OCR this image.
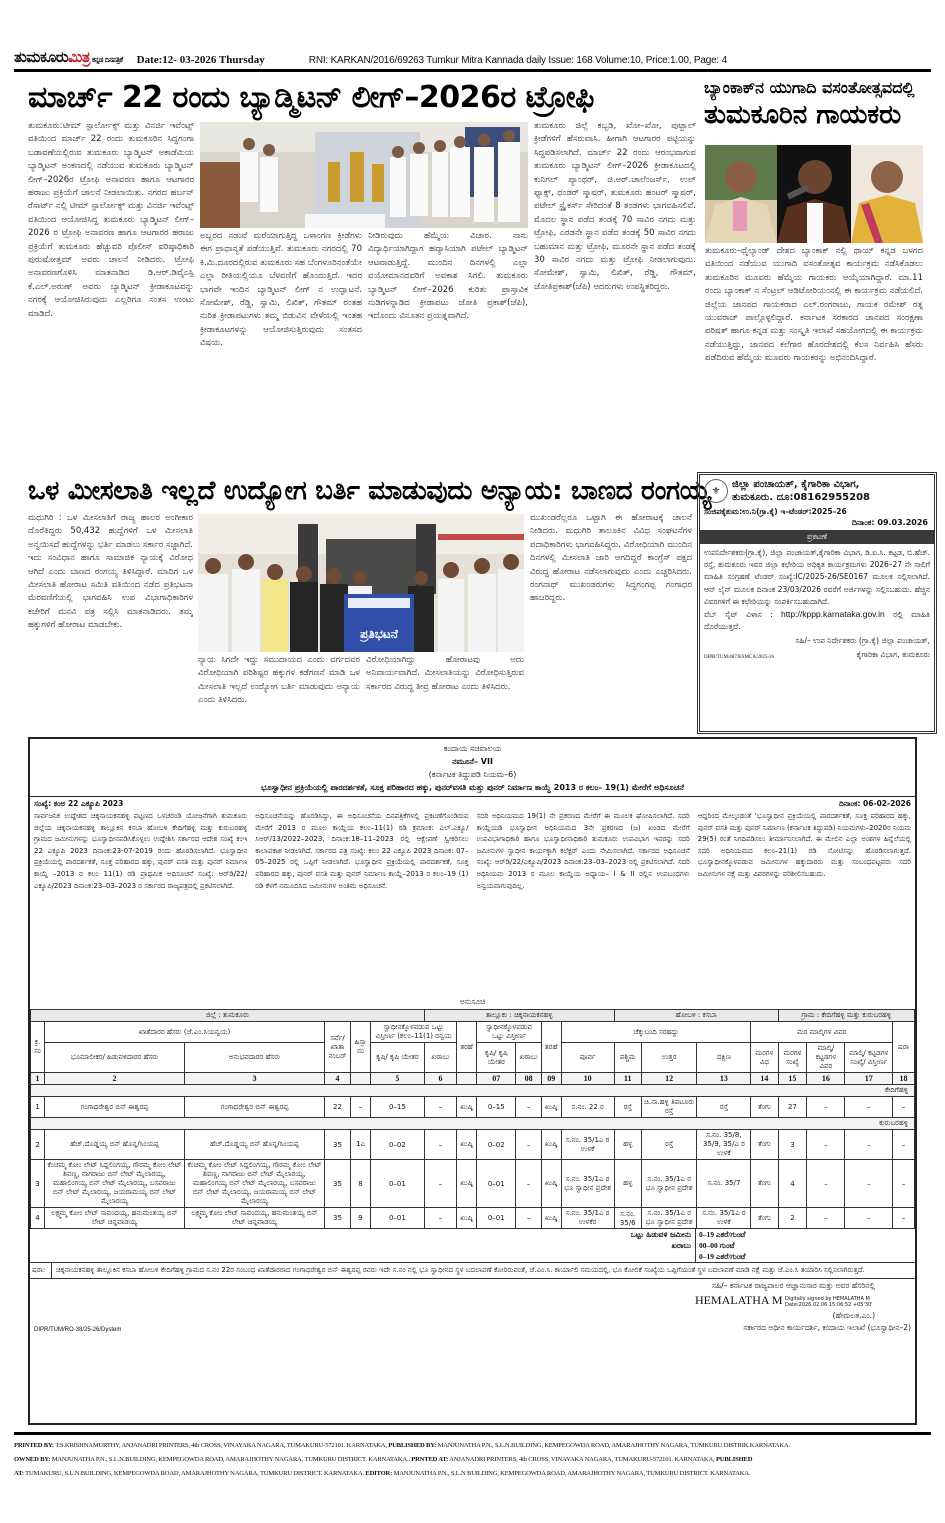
ತುಮಕೂರುಮಿತ್ರ ಕನ್ನಡ ದಿನಪತ್ರಿಕೆ Date:12- 03-2026 Thursday	RNI: KARKAN/2016/69263 Tumkur Mitra Kannada daily Issue: 168 Volume:10, Price:1.00, Page: 4
ಮಾರ್ಚ್ 22 ರಂದು ಬ್ಯಾಡ್ಮಿಟನ್ ಲೀಗ್–2026ರ ಟ್ರೋಫಿ
ತುಮಕೂರು:ಟೀಮ್ ಸ್ಪಾರ್ಲೋಕ್ಸ್ ಮತ್ತು ವಿನರ್ಜಿ ಇವೆಂಟ್ಸ್ ವತಿಯಿಂದ ಮಾರ್ಚ್ 22 ರಂದು ತುಮಕೂರಿನ ಸಿದ್ಧಗಂಗಾ ಬಡಾವಣೆಯಲ್ಲಿರುವ ತುಮಕೂರು ಬ್ಯಾಡ್ಮಿಟನ್ ಅಕಾಡೆಮಿಯ ಬ್ಯಾಡ್ಮಿಟನ್ ಅಂಕಣದಲ್ಲಿ ನಡೆಯುವ ತುಮಕೂರು ಬ್ಯಾಡ್ಮಿಟನ್ ಲೀಗ್–2026ರ ಟ್ರೋಫಿ ಅನಾವರಣ ಹಾಗೂ ಆಟಗಾರರ ಹರಾಜು ಪ್ರಕ್ರಿಯೆಗೆ ಚಾಲನೆ ನೀಡಲಾಯಿತು. ನಗರದ ಹರ್ಬನ್ ರೆಸಾರ್ಟ್ ನಲ್ಲಿ ಟೀಮ್ ಸ್ಪಾರ್ಲೋಕ್ಸ್ ಮತ್ತು ವಿನರ್ಜಿ ಇವೆಂಟ್ಸ್ ವತಿಯಿಂದ ಆಯೋಜಿಸಿದ್ದ ತುಮಕೂರು ಬ್ಯಾಡ್ಮಿಟನ್ ಲೀಗ್–2026 ರ ಟ್ರೋಫಿ ಅನಾವರಣ ಹಾಗೂ ಆಟಗಾರರ ಹರಾಜು ಪ್ರಕ್ರಿಯೆಗೆ ತುಮಕೂರು ಹೆಚ್ಚುವರಿ ಪೊಲೀಸ್ ವರಿಷ್ಠಾಧಿಕಾರಿ ಪುರುಷೋತ್ತಮ್ ಅವರು ಚಾಲನೆ ನೀಡಿದರು. ಟ್ರೋಫಿ ಅನಾವರಣಗೊಳಿಸಿ ಮಾತನಾಡಿದ ಡಿ.ಆರ್.ಡಿವೈಎಸ್ಪಿ ಕೆ.ಎಲ್.ಅರುಣ್ ಅವರು ಬ್ಯಾಡ್ಮಿಟನ್ ಕ್ರೀಡಾಕೂಟವನ್ನು ನಗರಕ್ಕೆ ಆಯೋಜಿಸಿರುವುದು ಎಲ್ಲರಿಗೂ ಸಂತಸ ಉಂಟು ಮಾಡಿದೆ.
ಅಬ್ಬರದ ನಡುವೆ ಮರೆಯಾಗುತ್ತಿದ್ದ ಒಳಾಂಗಣ ಕ್ರೀಡೆಗಳು ಈಗ ಪ್ರಾಧಾನ್ಯತೆ ಪಡೆಯುತ್ತಿವೆ. ತುಮಕೂರು ನಗರದಲ್ಲಿ 70 ಕಿ.ಮಿ.ದೂರದಲ್ಲಿರುವ ತುಮಕೂರು ಸಹ ಬೆಂಗಳೂರಿನಂತೆಯೇ ಎಲ್ಲಾ ರೀತಿಯಲ್ಲಿಯೂ ಬೆಳವಣಿಗೆ ಹೊಂದುತ್ತಿದೆ. ಇದರ ಭಾಗವೇ ಇಂದಿನ ಬ್ಯಾಡ್ಮಿಟನ್ ಲೀಗ್ ನ ಉದ್ಘಾಟನೆ. ಸೋಮೇಶ್, ರೆಡ್ಡಿ, ಸ್ವಾಮಿ, ಲಿಖಿತ್, ಗೌತಮ್ ರಂತಹ ನುರಿತ ಕ್ರೀಡಾಪಟುಗಳು ತಮ್ಮ ಬಿಡುವಿನ ವೇಳೆಯಲ್ಲಿ ಇಂತಹ ಕ್ರೀಡಾಕೂಟಗಳನ್ನು ಆಯೋಜಿಸುತ್ತಿರುವುದು ಸಂತಸದ ವಿಷಯ.
ನೀಡಿರುವುದು ಹೆಮ್ಮೆಯ ವಿಚಾರ. ನಾನು ವಿದ್ಯಾರ್ಥಿಯಾಗಿದ್ದಾಗ ಹವ್ಯಾಸಿಯಾಗಿ ಪಟೇಲ್ ಬ್ಯಾಡ್ಮಿಟನ್ ಆಟವಾಡುತ್ತಿದ್ದೆ. ಮುಂದಿನ ದಿನಗಳಲ್ಲಿ ಎಲ್ಲಾ ವಯೋಮಾನದವರಿಗೆ ಅವಕಾಶ ಸಿಗಲಿ. ತುಮಕೂರು ಬ್ಯಾಡ್ಮಿಟನ್ ಲೀಗ್–2026 ಕುರಿತು ಪ್ರಾಸ್ತಾವಿಕ ನುಡಿಗಳನ್ನಾಡಿದ ಕ್ರೀಡಾಪಟು ಜೋತಿ ಪ್ರಕಾಶ್(ಜೆಪಿ), ಇದೊಂದು ವಿನೂತನ ಪ್ರಯತ್ನವಾಗಿದೆ.
ತುಮಕೂರು ಜಿಲ್ಲೆ ಕಬ್ಬಡಿ, ಖೋ–ಖೋ, ಪುಟ್ಬಾಲ್ ಕ್ರೀಡೆಗಳಿಗೆ ಹೆಸರುವಾಸಿ. ಹೀಗಾಗಿ ಆಟಗಾರರ ಪಟ್ಟಿಯನ್ನು ಸಿದ್ಧಪಡಿಸಲಾಗಿದೆ. ಮಾರ್ಚ್ 22 ರಂದು ಆರಂಭವಾಗುವ ತುಮಕೂರು ಬ್ಯಾಡ್ಮಿಟನ್ ಲೀಗ್–2026 ಕ್ರೀಡಾಕೂಟದಲ್ಲಿ ಕುನಿಗಲ್ ಪ್ಯಾಂಥರ್, ಜಿ.ಆರ್.ಚಾಲೆಂಜರ್ಸ್, ಉಲ್ ಫ್ಯಾಕ್ಸ್, ಥಂಡರ್ ಸ್ಮಾಷರ್, ತುಮಕೂರು ಹಂಟರ್ ಸ್ಮಾಷರ್, ಪಟೇಲ್ ಸ್ಟ್ರೈಕರ್ಸ್ ಸೇರಿದಂತೆ 8 ತಂಡಗಳು ಭಾಗವಹಿಸಲಿವೆ. ಮೊದಲ ಸ್ಥಾನ ಪಡೆದ ತಂಡಕ್ಕೆ 70 ಸಾವಿರ ನಗದು ಮತ್ತು ಟ್ರೋಫಿ, ಎರಡನೇ ಸ್ಥಾನ ಪಡೆದ ತಂಡಕ್ಕೆ 50 ಸಾವಿರ ನಗದು ಬಹುಮಾನ ಮತ್ತು ಟ್ರೋಫಿ, ಮೂರನೇ ಸ್ಥಾನ ಪಡೆದ ತಂಡಕ್ಕೆ 30 ಸಾವಿರ ನಗದು ಮತ್ತು ಟ್ರೋಫಿ ನೀಡಲಾಗುವುದು. ಸೋಮೇಶ್, ಸ್ವಾಮಿ, ಲಿಖಿತ್, ರೆಡ್ಡಿ, ಗೌತಮ್, ಜೋತಿಪ್ರಕಾಶ್(ಜೆಪಿ) ಆದರುಗಳು ಉಪಸ್ಥಿತರಿದ್ದರು.
ಬ್ಯಾಂಕಾಕ್‌ನ ಯುಗಾದಿ ವಸಂತೋತ್ಸವದಲ್ಲಿ
ತುಮಕೂರಿನ ಗಾಯಕರು
ತುಮಕೂರು–ಥೈಲ್ಯಾಂಡ್ ದೇಶದ ಬ್ಯಾಂಕಾಕ್ ನಲ್ಲಿ ಥಾಯ್ ಕನ್ನಡ ಬಳಗದ ವತಿಯಿಂದ ನಡೆಯುವ ಯುಗಾದಿ ವಸಂತೋತ್ಸವ ಕಾರ್ಯಕ್ರಮ ನಡೆಸಿಕೊಡಲು ತುಮಕೂರಿನ ಮೂವರು ಹೆಮ್ಮೆಯ ಗಾಯಕರು ಆಯ್ಕೆಯಾಗಿದ್ದಾರೆ. ಮಾ.11 ರಂದು ಬ್ಯಾಂಕಾಕ್ ನ ಸೆಂಟ್ರಲ್ ಆಡಿಟೋರಿಯಂನಲ್ಲಿ ಈ ಕಾರ್ಯಕ್ರಮ ನಡೆಯಲಿದೆ. ಜಿಲ್ಲೆಯ ಜಾನಪದ ಗಾಯಕರಾದ ಎಲ್.ರಂಗರಾಜು, ಗಾಯಕ ರಮೇಶ್ ರತ್ನ ಯುವರಾಜ್ ಪಾಲ್ಗೊಳ್ಳಲಿದ್ದಾರೆ. ಕರ್ನಾಟಕ ಸರಕಾರದ ಜಾನಪದ ಸಂರಕ್ಷಣಾ ಪರಿಷತ್ ಹಾಗೂ ಕನ್ನಡ ಮತ್ತು ಸಂಸ್ಕೃತಿ ಇಲಾಖೆ ಸಹಯೋಗದಲ್ಲಿ ಈ ಕಾರ್ಯಕ್ರಮ ನಡೆಯುತ್ತಿದ್ದು, ಜಾನಪದ ಕಲೆಗಾರ ಹೊರದೇಶದಲ್ಲಿ ಕೆಲಸ ನಿರ್ವಹಿಸಿ ಹೆಸರು ಪಡೆದಿರುವ ಹೆಮ್ಮೆಯ ಮೂವರು ಗಾಯಕರನ್ನು ಅಭಿನಂದಿಸಿದ್ದಾರೆ.
ಒಳ ಮೀಸಲಾತಿ ಇಲ್ಲದೆ ಉದ್ಯೋಗ ಬರ್ತಿ ಮಾಡುವುದು ಅನ್ಯಾಯ: ಬಾಣದ ರಂಗಯ್ಯ
ಮಧುಗಿರಿ : ಒಳ ಮೀಸಲಾತಿಗೆ ರಾಜ್ಯ ಹಾಲರ ಅಂಗೀಕಾರ ದೊರೆತಿದ್ದರು 50,432 ಹುದ್ದೆಗಳಿಗೆ ಒಳ ಮೀಸಲಾತಿ ಅನ್ವಯಿಸದೆ ಹುದ್ದೆಗಳನ್ನು ಭರ್ತಿ ಮಾಡಲು ಸರ್ಕಾರ ಸಜ್ಜಾಗಿದೆ. ಇದು ಸಂವಿಧಾನ ಹಾಗೂ ಸಾಮಾಜಿಕ ನ್ಯಾಯಕ್ಕೆ ವಿರೋಧ ಆಗಿದೆ ಎಂದು ಬಾಣದ ರಂಗಯ್ಯ ತಿಳಿಸಿದ್ದಾರೆ. ಮಾದಿಗ ಒಳ ಮೀಸಲಾತಿ ಹೋರಾಟ ಸಮಿತಿ ವತಿಯಿಂದ ನಡೆದ ಪ್ರತಿಭಟನಾ ಮೆರವಣಿಗೆಯಲ್ಲಿ ಭಾಗವಹಿಸಿ ಉಪ ವಿಭಾಗಾಧಿಕಾರಿಗಳ ಕಚೇರಿಗೆ ಮನವಿ ಪತ್ರ ಸಲ್ಲಿಸಿ ಮಾತನಾಡಿದರು. ತಮ್ಮ ಹಕ್ಕುಗಳಿಗೆ ಹೋರಾಟ ಮಾಡಬೇಕು.
ಪ್ರತಿಭಟನೆ
ನ್ಯಾಯ ಸಿಗದೇ ಇದ್ದು ಸಮುದಾಯದ ಎಂದು ವರ್ಗದವರ ವಿರೋಧಿಯಾಗಿ ಪರಿಶಿಷ್ಟರ ಹಕ್ಕುಗಳ ಕಡೆಗಣನೆ ಮಾಡಿ ಒಳ ಮೀಸಲಾತಿ ಇಲ್ಲದೆ ಉದ್ಯೋಗ ಬರ್ತಿ ಮಾಡುವುದು ಅನ್ಯಾಯ ಎಂದು ತಿಳಿಸಿದರು.
ವಿರೋಧಿಯಾಗಿದ್ದು ಹೋರಾಟವು ಅದು ಅನಿವಾರ್ಯವಾಗಿದೆ. ಮೀಸಲಾತಿಯನ್ನು ವಿರೋಧಿಸುತ್ತಿರುವ ಸರ್ಕಾರದ ವಿರುದ್ಧ ತೀವ್ರ ಹೋರಾಟ ಎಂದು ತಿಳಿಸಿದರು.
ಮುಖಂಡರೆಲ್ಲರೂ ಒಟ್ಟಾಗಿ ಈ ಹೋರಾಟಕ್ಕೆ ಚಾಲನೆ ನೀಡಿದರು. ಮಧುಗಿರಿ ತಾಲೂಕಿನ ವಿವಿಧ ಸಂಘಟನೆಗಳ ಪದಾಧಿಕಾರಿಗಳು ಭಾಗವಹಿಸಿದ್ದರು. ವಿರೋಧಿಯಾಗಿ ಮುಂದಿನ ದಿನಗಳಲ್ಲಿ ಮೀಸಲಾತಿ ಜಾರಿ ಆಗದಿದ್ದರೆ ಕಾಂಗ್ರೆಸ್ ಪಕ್ಷದ ವಿರುದ್ಧ ಹೋರಾಟ ನಡೆಸಲಾಗುವುದು ಎಂದು ಎಚ್ಚರಿಸಿದರು. ರಂಗನಾಥ್ ಮುಖಂಡರುಗಳು ಸಿದ್ಧಗಂಗಪ್ಪ ಗಂಗಾಧರ ಹಾಜರಿದ್ದರು.
⚜
ಜಿಲ್ಲಾ ಪಂಚಾಯತ್, ಕೈಗಾರಿಕಾ ವಿಭಾಗ,
ತುಮಕೂರು. ದೂ:08162955208
ಸಂಜಿಪಕೈತುಮ:ಉ.ನಿ(ಗ್ರಾ.ಕೈ) ಇ–ಟೆಂಡರ್:2025–26
ದಿನಾಂಕ: 09.03.2026
ಪ್ರಕಟಣೆ
ಉಪನಿರ್ದೇಶಕರು(ಗ್ರಾ.ಕೈ), ಜಿಲ್ಲಾ ಪಂಚಾಯತ್,ಕೈಗಾರಿಕಾ ವಿಭಾಗ, ಡಿ.ಐ.ಸಿ. ಕಟ್ಟಡ, ಬಿ.ಹೆಚ್. ರಸ್ತೆ, ತುಮಕೂರು ಇವರ ಜಿಲ್ಲಾ ಕಛೇರಿಯ ಅಧಿಕೃತ ಕಾರ್ಯಕ್ರಮಗಳು 2026–27 ನೇ ಸಾಲಿಗೆ ಮಾಹಿತಿ ಸಂಗ್ರಹಣೆ ಟೆಂಡರ್ ಸಂಖ್ಯೆ:IC/2025-26/SE0167 ಮೂಲಕ ಸಲ್ಲಿಸಲಾಗಿದೆ. ಆನ್ ಲೈನ್ ಮೂಲಕ ದಿನಾಂಕ 23/03/2026 ರವರೆಗೆ ಅರ್ಜಿಗಳನ್ನು ಸಲ್ಲಿಸಬಹುದು. ಹೆಚ್ಚಿನ ವಿವರಗಳಿಗೆ ಈ ಕಛೇರಿಯನ್ನು ಸಂಪರ್ಕಿಸಬಹುದಾಗಿದೆ.
ವೆಬ್ ಸೈಟ್ ವಿಳಾಸ : http://kppp.karnataka.gov.in ರಲ್ಲಿ ಮಾಹಿತಿ ದೊರೆಯುತ್ತದೆ.
ಸಹಿ/– ಉಪ ನಿರ್ದೇಶಕರು (ಗ್ರಾ.ಕೈ) ಜಿಲ್ಲಾ ಪಂಚಾಯತ್,
DIPR/TUM/487/KSMCA/2025-26	ಕೈಗಾರಿಕಾ ವಿಭಾಗ, ತುಮಕೂರು
ಕಂದಾಯ ಸಚಿವಾಲಯ
ನಮೂನೆ– VII
(ಕರ್ನಾಟಕ ತಿದ್ದುಪಡಿ ನಿಯಮ–6)
ಭೂಸ್ವಾಧೀನ ಪ್ರಕ್ರಿಯೆಯಲ್ಲಿ ಪಾರದರ್ಶಕತೆ, ಸೂಕ್ತ ಪರಿಹಾರದ ಹಕ್ಕು, ಪುನರ್‌ವಸತಿ ಮತ್ತು ಪುನರ್ ನಿರ್ಮಾಣ ಕಾಯ್ದೆ 2013 ರ ಕಲಂ– 19(1) ಮೇರೆಗೆ ಅಧಿಸೂಚನೆ
ಸಂಖ್ಯೆ: ಕಂಅ 22 ಎಕ್ಯೂಪಿ 2023	ದಿನಾಂಕ: 06-02-2026
ಸಾರ್ವಜನಿಕ ಉದ್ದೇಶದ ಚಿಕ್ಕನಾಯಕನಹಳ್ಳಿ ಪಟ್ಟಣದ ಒಳಚರಂಡಿ ಯೋಜನೆಗಾಗಿ ತುಮಕೂರು ಜಿಲ್ಲೆಯ ಚಿಕ್ಕನಾಯಕನಹಳ್ಳಿ ತಾಲ್ಲೂಕಿನ ಕಸಬಾ ಹೋಬಳಿ ಕೇದಿಗೆಹಳ್ಳಿ ಮತ್ತು ಕುರುಬರಹಳ್ಳಿ ಗ್ರಾಮದ ಜಮೀನುಗಳನ್ನು ಭೂಸ್ವಾಧೀನಪಡಿಸಿಕೊಳ್ಳಲು ಉದ್ದೇಶಿಸಿ ಸರ್ಕಾರದ ಆದೇಶ ಸಂಖ್ಯೆ ಕಂಇ 22 ಎಕ್ಯೂಪಿ 2023 ದಿನಾಂಕ:23-07-2019 ರಂದು ಹೊರಡಿಸಲಾಗಿದೆ. ಭೂಸ್ವಾಧೀನ ಪ್ರಕ್ರಿಯೆಯಲ್ಲಿ ಪಾರದರ್ಶಕತೆ, ಸೂಕ್ತ ಪರಿಹಾರದ ಹಕ್ಕು, ಪುನರ್ ವಸತಿ ಮತ್ತು ಪುನರ್ ನಿರ್ಮಾಣ ಕಾಯ್ದೆ –2013 ರ ಕಲಂ 11(1) ರಡಿ ಪ್ರಾಥಮಿಕ ಅಧಿಸೂಚನೆ ಸಂಖ್ಯೆ: ಆರ್‌ಡಿ/22/ಎಕ್ಯೂಪಿ/2023 ದಿನಾಂಕ:23–03–2023 ರ ಸರ್ಕಾರದ ರಾಜ್ಯಪತ್ರದಲ್ಲಿ ಪ್ರಕಟಿಸಲಾಗಿದೆ.
ಅಧಿಸೂಚನೆಯನ್ನು ಹೊರಡಿಸಿದ್ದು, ಈ ಅಧಿಸೂಚನೆಯ ದಿನಪತ್ರಿಕೆಗಳಲ್ಲಿ ಪ್ರಕಟಣೆಗೊಂಡಿರುವ ಮೇರೆಗೆ 2013 ರ ಮೂಲ ಕಾಯ್ದೆಯ ಕಲಂ–11(1) ರಡಿ ಕ್ರಮಾಂಕ: ಎಲ್.ಎಕ್ಯೂ/ಸಿಆರ್/13/2022–2023, ದಿನಾಂಕ:18–11–2023 ರಲ್ಲಿ ಆಕ್ಷೇಪಣೆ ಸ್ವೀಕರಿಸಲು ಕಾಲಾವಕಾಶ ನೀಡಲಾಗಿದೆ. ಸರ್ಕಾರದ ಪತ್ರ ಸಂಖ್ಯೆ: ಕಲಂ 22 ಎಕ್ಯೂಪಿ 2023 ದಿನಾಂಕ: 07–05–2025 ರಲ್ಲಿ ಒಪ್ಪಿಗೆ ನೀಡಲಾಗಿದೆ. ಭೂಸ್ವಾಧೀನ ಪ್ರಕ್ರಿಯೆಯಲ್ಲಿ ಪಾರದರ್ಶಕತೆ, ಸೂಕ್ತ ಪರಿಹಾರದ ಹಕ್ಕು, ಪುನರ್ ವಸತಿ ಮತ್ತು ಪುನರ್ ನಿರ್ಮಾಣ ಕಾಯ್ದೆ–2013 ರ ಕಲಂ–19 (1) ರಡಿ ಕೆಳಗೆ ನಮೂದಿಸಿದ ಜಮೀನುಗಳ ಅಂತಿಮ ಅಧಿಸೂಚನೆ.
ಸದರಿ ಅಧಿನಿಯಮದ 19(1) ನೇ ಪ್ರಕರಣದ ಮೇರೆಗೆ ಈ ಮೂಲಕ ಘೋಷಿಸಲಾಗಿದೆ. ಸದರಿ ಕಾಯ್ದೆಯಡಿ ಭೂಸ್ವಾಧೀನ ಅಧಿನಿಯಮದ 3ನೇ ಪ್ರಕರಣದ (ಜ) ಖಂಡದ ಮೇರೆಗೆ ಉಪವಿಭಾಗಾಧಿಕಾರಿ ಹಾಗೂ ಭೂಸ್ವಾಧೀನಾಧಿಕಾರಿ ತುಮಕೂರು ಉಪವಿಭಾಗ ಇವರನ್ನು ಸದರಿ ಜಮೀನುಗಳ ಸ್ವಾಧೀನ ಕಾರ್ಯಕ್ಕಾಗಿ ಕಲೆಕ್ಟರ್ ಎಂದು ನೇಮಿಸಲಾಗಿದೆ. ಸರ್ಕಾರದ ಅಧಿಸೂಚನೆ ಸಂಖ್ಯೆ: ಆರ್‌ಡಿ/22/ಎಕ್ಯೂಪಿ/2023 ದಿನಾಂಕ:23–03–2023 ರಲ್ಲಿ ಪ್ರಕಟಿಸಲಾಗಿದೆ. ಸದರಿ ಅಧಿನಿಯಮ 2013 ರ ಮೂಲ ಕಾಯ್ದೆಯ ಅಧ್ಯಾಯ– I & II ರಲ್ಲಿನ ಉಪಬಂಧಗಳು ಅನ್ವಯವಾಗುವುದಿಲ್ಲ.
ಆದ್ದರಿಂದ ಮೇಲ್ಕಂಡಂತೆ ‘ಭೂಸ್ವಾಧೀನ ಪ್ರಕ್ರಿಯೆಯಲ್ಲಿ ಪಾರದರ್ಶಕತೆ, ಸೂಕ್ತ ಪರಿಹಾರದ ಹಕ್ಕು, ಪುನರ್ ವಸತಿ ಮತ್ತು ಪುನರ್ ನಿರ್ಮಾಣ (ಕರ್ನಾಟಕ ತಿದ್ದುಪಡಿ) ನಿಯಮಗಳು–2020ರ ನಿಯಮ 29(5) ರಂತೆ ನಿಗದಿಪಡಿಸಲು ತೀರ್ಮಾನಿಸಲಾಗಿದೆ. ಈ ಮೇಲಿನ ಎಲ್ಲಾ ಅಂಶಗಳ ಹಿನ್ನೆಲೆಯಲ್ಲಿ ಸದರಿ ಅಧಿನಿಯಮದ ಕಲಂ–21(1) ರಡಿ ನೋಟಿಸನ್ನು ಹೊರಡಿಸಲಾಗುತ್ತದೆ. ಭೂಸ್ವಾಧೀನಕ್ಕೊಳಪಡುವ ಜಮೀನುಗಳ ಹಕ್ಕುದಾರರು ಮತ್ತು ಸಂಬಂಧಪಟ್ಟವರು ಸದರಿ ಜಮೀನುಗಳ ನಕ್ಷೆ ಮತ್ತು ವಿವರಗಳನ್ನು ಪರಿಶೀಲಿಸಬಹುದು.
ಅನುಸೂಚಿ
ಜಿಲ್ಲೆ : ತುಮಕೂರು						ತಾಲ್ಲೂಕು : ಚಿಕ್ಕನಾಯಕನಹಳ್ಳಿ						ಹೋಬಳಿ : ಕಸಬಾ				ಗ್ರಾಮ : ಕೇದಿಗೆಹಳ್ಳಿ ಮತ್ತು ಕುರುಬರಹಳ್ಳಿ			
ಕ್ರ. ಸಂ	ಖಾತೆದಾರರ ಹೆಸರು (ಜೆ.ಎಂ.ಸಿಯನ್ವಯ)		ಸರ್ವೆ/ ಖಾತಾ ನಂಬರ್	ಹಿಸ್ಸಾ ನಂ	ಸ್ವಾಧೀನಕ್ಕೊಳಪಡುವ ಒಟ್ಟು ವಿಸ್ತೀರ್ಣ (ಕಲಂ–11(1) ರನ್ವಯ		ತರಹೆ	ಸ್ವಾಧೀನಕ್ಕೊಳಪಡುವ ಒಟ್ಟು ವಿಸ್ತೀರ್ಣ		ತರಹೆ	ಚೆಕ್ಕುಬಂದಿ ಸರಹದ್ದು				ಮರ ಮಾಲ್ಕಿಗಳ ವಿವರ				ಷರಾ
	ಭೂಮಾಲೀಕರ/ ಹಿಡುವಳಿದಾರರ ಹೆಸರು	ಅನುಭವದಾರರ ಹೆಸರು			ಕೃಷಿ/ ಕೃಷಿ ಯೇತರ	ಖರಾಬು		ಕೃಷಿ/ ಕೃಷಿ ಯೇತರ	ಖರಾಬು		ಪೂರ್ವ	ಪಶ್ಚಿಮ	ಉತ್ತರ	ದಕ್ಷಿಣ	ಮರಗಳ ವಿಧ	ಮರಗಳ ಸಂಖ್ಯೆ	ಮಾಲ್ಕಿ/ ಕಟ್ಟಡಗಳ ವಿವರ	ಮಾಲ್ಕಿ/ ಕಟ್ಟಡಗಳ ಸಂಖ್ಯೆ/ ವಿಸ್ತೀರ್ಣ	
1	2	3	4		5	6		07	08	09	10	11	12	13	14	15	16	17	18
ಕೇದಿಗೆಹಳ್ಳಿ																			
1	ಗಂಗಾಧರೇಶ್ವರ ಬಿನ್ ಈಶ್ವರಪ್ಪ	ಗಂಗಾಧರೇಶ್ವರ ಬಿನ್ ಈಶ್ವರಪ್ಪ	22	–	0–15	–	ಖುಷ್ಕಿ	0–15	–	ಖುಷ್ಕಿ	ಸ.ನಂ. 22 ರ	ರಸ್ತೆ	ಚಿ.ನಾ.ಹಳ್ಳಿ ತಿಪಟೂರು ರಸ್ತೆ	ರಸ್ತೆ	ತೆಂಗು	27	–	–	–
ಕುರುಬರಹಳ್ಳಿ																			
2	ಹೆಚ್.ದೊಡ್ಡಯ್ಯ ಬಿನ್ ಹೊನ್ನ/ಸಿಂಯಪ್ಪ	ಹೆಚ್.ದೊಡ್ಡಯ್ಯ ಬಿನ್ ಹೊನ್ನ/ಸಿಂಯಪ್ಪ	35	1ಎ	0–02	–	ಖುಷ್ಕಿ	0–02	–	ಖುಷ್ಕಿ	ಸ.ನಂ. 35/1ಎ ರ ಉಳಕೆ	ಹಳ್ಳ	ರಸ್ತೆ	ಸ.ನಂ. 35/8, 35/9, 35/ಎ ರ ಉಳಕೆ	ತೆಂಗು	3	–	–	–
3	ಕೆಂಚಮ್ಮ ಕೋಂ ಲೇಟ್ ಸಿದ್ದಲಿಂಗಯ್ಯ, ಗೌರಮ್ಮ ಕೋಂ ಲೇಟ್ ಶಿವಣ್ಣ, ನಾಗರಾಜು ಬಿನ್ ಲೇಟ್ ಮೈಲಾರಯ್ಯ, ಮಹಾಲಿಂಗಯ್ಯ ಬಿನ್ ಲೇಟ್ ಮೈಲಾರಯ್ಯ, ಬಸವರಾಜು ಬಿನ್ ಲೇಟ್ ಮೈಲಾರಯ್ಯ, ಜಯರಾಮಯ್ಯ ಬಿನ್ ಲೇಟ್ ಮೈಲಾರಯ್ಯ	ಕೆಂಚಮ್ಮ ಕೋಂ ಲೇಟ್ ಸಿದ್ದಲಿಂಗಯ್ಯ, ಗೌರಮ್ಮ ಕೋಂ ಲೇಟ್ ಶಿವಣ್ಣ, ನಾಗರಾಜು ಬಿನ್ ಲೇಟ್ ಮೈಲಾರಯ್ಯ, ಮಹಾಲಿಂಗಯ್ಯ ಬಿನ್ ಲೇಟ್ ಮೈಲಾರಯ್ಯ, ಬಸವರಾಜು ಬಿನ್ ಲೇಟ್ ಮೈಲಾರಯ್ಯ, ಜಯರಾಮಯ್ಯ ಬಿನ್ ಲೇಟ್ ಮೈಲಾರಯ್ಯ	35	8	0–01	–	ಖುಷ್ಕಿ	0–01	–	ಖುಷ್ಕಿ	ಸ.ನಂ. 35/1ಎ ರ ಭೂ ಸ್ವಾಧೀನ ಪ್ರದೇಶ	ಹಳ್ಳ	ಸ.ನಂ. 35/1ಎ ರ ಭೂ ಸ್ವಾಧೀನ ಪ್ರದೇಶ	ಸ.ನಂ. 35/7	ತೆಂಗು	4	–	–	–
4	ಲಕ್ಷ್ಮಮ್ಮ ಕೋಂ ಲೇಟ್ ಸಾವಂದಯ್ಯ, ಹನುಮಂತಯ್ಯ ಬಿನ್ ಲೇಟ್ ಚಿನ್ನವಾಡಯ್ಯ	ಲಕ್ಷ್ಮಮ್ಮ ಕೋಂ ಲೇಟ್ ಸಾವಂದಯ್ಯ, ಹನುಮಂತಯ್ಯ ಬಿನ್ ಲೇಟ್ ಚಿನ್ನವಾಡಯ್ಯ	35	9	0–01	–	ಖುಷ್ಕಿ	0–01	–	ಖುಷ್ಕಿ	ಸ.ನಂ. 35/1ಎ ರ ಉಳಕೆರ	ಸ.ನಂ. 35/6	ಸ.ನಂ. 35/1ಎ ರ ಭೂ ಸ್ವಾಧೀನ ಪ್ರದೇಶ	ಸ.ನಂ. 35/1ಎ ರ ಉಳಕೆ	ತೆಂಗು	2	–	–	–
ಒಟ್ಟು ಹಿಡುವಳಿ ಜಮೀನು
ಖರಾಬು

0–19 ಎಕರೆ/ಗುಂಟೆ
00–00 ಗುಂಟೆ
0–19 ಎಕರೆ/ಗುಂಟೆ
ಷರಾ:	ಚಿಕ್ಕನಾಯಕನಹಳ್ಳಿ ತಾಲ್ಲೂಕಿನ ಕಸಬಾ ಹೋಬಳಿ ಕೇದಿಗೆಹಳ್ಳಿ ಗ್ರಾಮದ ಸ.ನಂ 22ರ ಸಂಬಂಧ ಖಾತೆದಾರರಾದ ಗಂಗಾಧರೇಶ್ವರ ಬಿನ್ ಈಶ್ವರಪ್ಪ ರವರು ಇದೇ ಸ.ನಂ ನಲ್ಲಿ ಭೂ ಸ್ವಾಧೀನದ ಸ್ಥಳ ಬದಲಾವಣೆ ಕೋರಿರುವಂತೆ, ಜೆ.ಎಂ.ಸಿ. ಕಾರ್ಯಾಲಿ ಸಮಯದಲ್ಲಿ, ಭೂ ಕೋಲಿಕೆ ಸಂಖ್ಯೆಯ ಒಪ್ಪಿಗೆಯಂತೆ ಸ್ಥಳ ಬದಲಾವಣೆ ಮಾಡಿ ನಕ್ಷೆ ಮತ್ತು ಜೆ.ಎಂ.ಸಿ ತಯಾರಿಸಿ ಸಲ್ಲಿಸಲಾಗಿರುತ್ತದೆ.
ಸಹಿ/– ಕರ್ನಾಟಕ ರಾಜ್ಯಪಾಲರ ಆಜ್ಞಾನುಸಾರ ಮತ್ತು ಅವರ ಹೆಸರಿನಲ್ಲಿ
HEMALATHA M Digitally signed by HEMALATHA M Date:2026.02.06 15:06:52 +05'30'
(ಹೇಮಲತ.ಎಂ.)
DIPR/TUM/RO-38/25-26/Dystem	ಸರ್ಕಾರದ ಅಧೀನ ಕಾರ್ಯದರ್ಶಿ, ಕಂದಾಯ ಇಲಾಖೆ (ಭೂಸ್ವಾಧೀನ–2)
PRINTED BY: T.S.KRISHNAMURTHY, ANJANADRI PRINTERS, 4th CROSS, VINAYAKA NAGARA, TUMAKURU-572101. KARNATAKA, PUBLISHED BY: MANJUNATHA P.N., S.L.N.BUILDING, KEMPEGOWDA ROAD, AMARAJHOTHY NAGARA, TUMKURU DISTRIK.KARNATAKA.
OWNED BY: MANJUNATHA P.N., S.L.N.BUILDING, KEMPEGOWDA ROAD, AMARAJHOTHY NAGARA, TUMKURU DISTRICT. KARNATAKA.. PRNTED AT: ANJANADRI PRINTERS, 4th CROSS, VINAYAKA NAGARA, TUMAKURU-572101. KARNATAKA, PUBLISHED
AT: TUMAKURU, S.L.N.BUILDING, KEMPEGOWDA ROAD, AMARAJHOTHY NAGARA, TUMKURU DISTRICT. KARNATAKA. EDITOR: MANJUNATHA P.N., S.L.N BUILDING, KEMPEGOWDA ROAD, AMARAJHOTHY NAGARA, TUMKURU DISTRICT. KARNATAKA.
